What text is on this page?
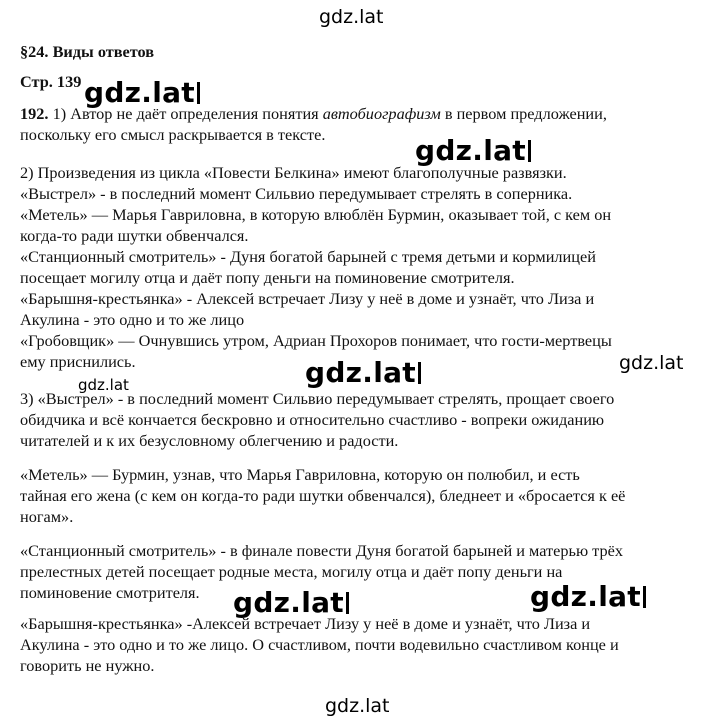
gdz.lat
§24. Виды ответов
Стр. 139
192. 1) Автор не даёт определения понятия автобиографизм в первом предложении,
поскольку его смысл раскрывается в тексте.
2) Произведения из цикла «Повести Белкина» имеют благополучные развязки.
«Выстрел» - в последний момент Сильвио передумывает стрелять в соперника.
«Метель» — Марья Гавриловна, в которую влюблён Бурмин, оказывает той, с кем он
когда-то ради шутки обвенчался.
«Станционный смотритель» - Дуня богатой барыней с тремя детьми и кормилицей
посещает могилу отца и даёт попу деньги на поминовение смотрителя.
«Барышня-крестьянка» - Алексей встречает Лизу у неё в доме и узнаёт, что Лиза и
Акулина - это одно и то же лицо
«Гробовщик» — Очнувшись утром, Адриан Прохоров понимает, что гости-мертвецы
ему приснились.
3) «Выстрел» - в последний момент Сильвио передумывает стрелять, прощает своего
обидчика и всё кончается бескровно и относительно счастливо - вопреки ожиданию
читателей и к их безусловному облегчению и радости.
«Метель» — Бурмин, узнав, что Марья Гавриловна, которую он полюбил, и есть
тайная его жена (с кем он когда-то ради шутки обвенчался), бледнеет и «бросается к её
ногам».
«Станционный смотритель» - в финале повести Дуня богатой барыней и матерью трёх
прелестных детей посещает родные места, могилу отца и даёт попу деньги на
поминовение смотрителя.
«Барышня-крестьянка» -Алексей встречает Лизу у неё в доме и узнаёт, что Лиза и
Акулина - это одно и то же лицо. О счастливом, почти водевильно счастливом конце и
говорить не нужно.
gdz.lat
gdz.lat
gdz.lat
gdz.lat	gdz.lat
gdz.lat	gdz.lat
gdz.lat
